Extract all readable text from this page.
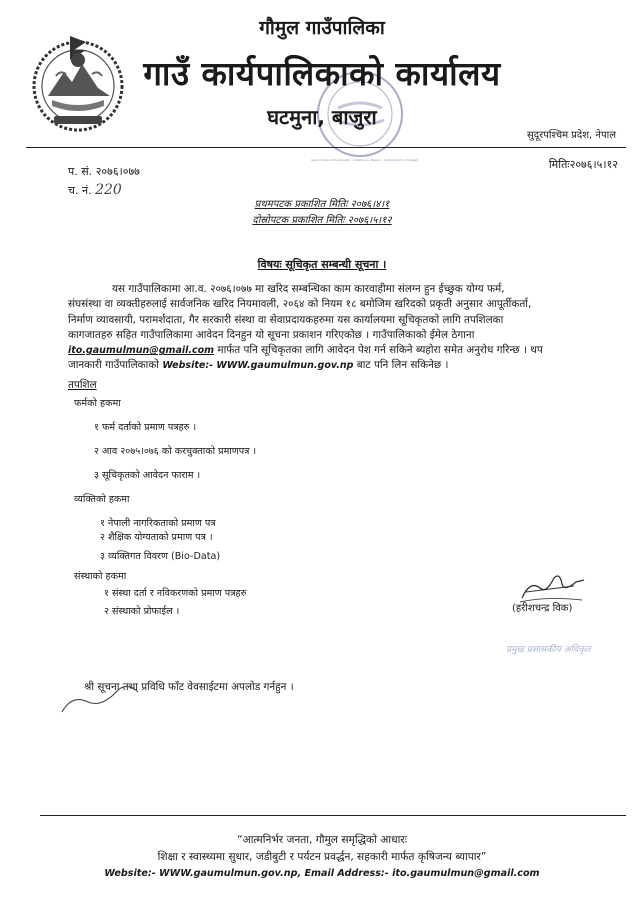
Gaumul Rural Municipality · Ghatmuna, Bajura · Sudurpaschim Pradesh
गौमुल गाउँपालिका
गाउँ कार्यपालिकाको कार्यालय
घटमुना, बाजुरा
सुदूरपश्चिम प्रदेश, नेपाल
प. सं. २०७६।०७७
च. नं. 220
मितिः२०७६।५।१२
प्रथमपटक प्रकाशित मितिः २०७६।४।१
दोस्रोपटक प्रकाशित मितिः २०७६।५।१२
विषयः सूचिकृत सम्बन्धी सूचना ।
यस गाउँपालिकामा आ.व. २०७६।०७७ मा खरिद सम्बन्धिका काम कारवाहीमा संलग्न हुन ईच्छुक योग्य फर्म,
संघसंस्था वा व्यक्तीहरुलाई सार्वजनिक खरिद नियमावली, २०६४ को नियम १८ बमोजिम खरिदको प्रकृती अनुसार आपूर्तीकर्ता,
निर्माण व्यावसायी, परामर्शदाता, गैर सरकारी संस्था वा सेवाप्रदायकहरुमा यस कार्यालयमा सूचिकृतको लागि तपशिलका
कागजातहरु सहित गाउँपालिकामा आवेदन दिनहुन यो सूचना प्रकाशन गरिएकोछ । गाउँपालिकाको ईमेल ठेगाना
ito.gaumulmun@gmail.com मार्फत पनि सूचिकृतका लागि आवेदन पेश गर्न सकिने ब्यहोरा समेत अनुरोध गरिन्छ । थप
जानकारी गाउँपालिकाको Website:- WWW.gaumulmun.gov.np बाट पनि लिन सकिनेछ ।
तपशिल
फर्मको हकमा
१ फर्म दर्ताको प्रमाण पत्रहरु ।
२ आव २०७५।०७६ को करचुक्ताको प्रमाणपत्र ।
३ सूचिकृतको आवेदन फाराम ।
व्यक्तिको हकमा
१ नेपाली नागरिकताको प्रमाण पत्र
२ शैक्षिक योग्यताको प्रमाण पत्र ।
३ व्यक्तिगत विवरण (Bio-Data)
संस्थाको हकमा
१ संस्था दर्ता र नविकरणको प्रमाण पत्रहरु
२ संस्थाको प्रोफाईल ।	(हरीशचन्द्र विक)
प्रमुख प्रशासकीय अधिकृत
श्री सूचना तथा प्रविधि फाँट वेवसाईटमा अपलोड गर्नहुन ।
“आत्मनिर्भर जनता, गौमुल समृद्धिको आधारः
शिक्षा र स्वास्थ्यमा सुधार, जडीबुटी र पर्यटन प्रवर्द्धन, सहकारी मार्फत कृषिजन्य ब्यापार”
Website:- WWW.gaumulmun.gov.np, Email Address:- ito.gaumulmun@gmail.com
